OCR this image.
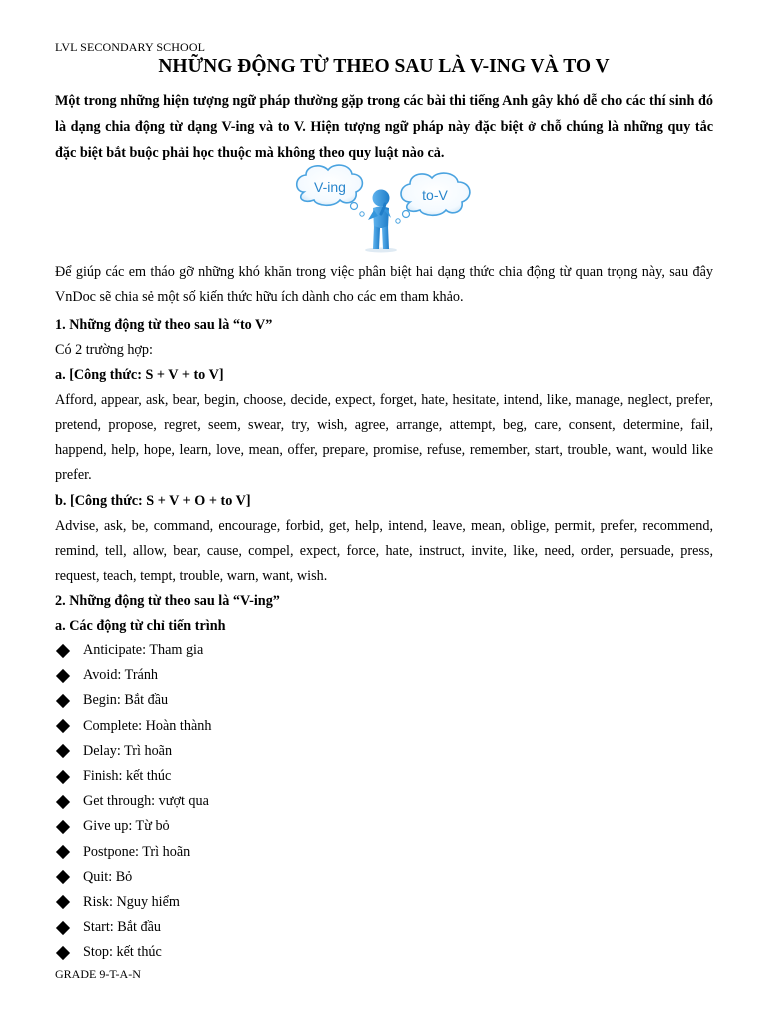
LVL SECONDARY SCHOOL
NHỮNG ĐỘNG TỪ THEO SAU LÀ V-ING VÀ TO V
Một trong những hiện tượng ngữ pháp thường gặp trong các bài thi tiếng Anh gây khó dễ cho các thí sinh đó là dạng chia động từ dạng V-ing và to V. Hiện tượng ngữ pháp này đặc biệt ở chỗ chúng là những quy tắc đặc biệt bắt buộc phải học thuộc mà không theo quy luật nào cả.
V-ing	to-V
Để giúp các em tháo gỡ những khó khăn trong việc phân biệt hai dạng thức chia động từ quan trọng này, sau đây VnDoc sẽ chia sẻ một số kiến thức hữu ích dành cho các em tham khảo.
1. Những động từ theo sau là “to V”
Có 2 trường hợp:
a. [Công thức: S + V + to V]
Afford, appear, ask, bear, begin, choose, decide, expect, forget, hate, hesitate, intend, like, manage, neglect, prefer, pretend, propose, regret, seem, swear, try, wish, agree, arrange, attempt, beg, care, consent, determine, fail, happend, help, hope, learn, love, mean, offer, prepare, promise, refuse, remember, start, trouble, want, would like prefer.
b. [Công thức: S + V + O + to V]
Advise, ask, be, command, encourage, forbid, get, help, intend, leave, mean, oblige, permit, prefer, recommend, remind, tell, allow, bear, cause, compel, expect, force, hate, instruct, invite, like, need, order, persuade, press, request, teach, tempt, trouble, warn, want, wish.
2. Những động từ theo sau là “V-ing”
a. Các động từ chỉ tiến trình
Anticipate: Tham gia
Avoid: Tránh
Begin: Bắt đầu
Complete: Hoàn thành
Delay: Trì hoãn
Finish: kết thúc
Get through: vượt qua
Give up: Từ bỏ
Postpone: Trì hoãn
Quit: Bỏ
Risk: Nguy hiểm
Start: Bắt đầu
Stop: kết thúc
GRADE 9-T-A-N
